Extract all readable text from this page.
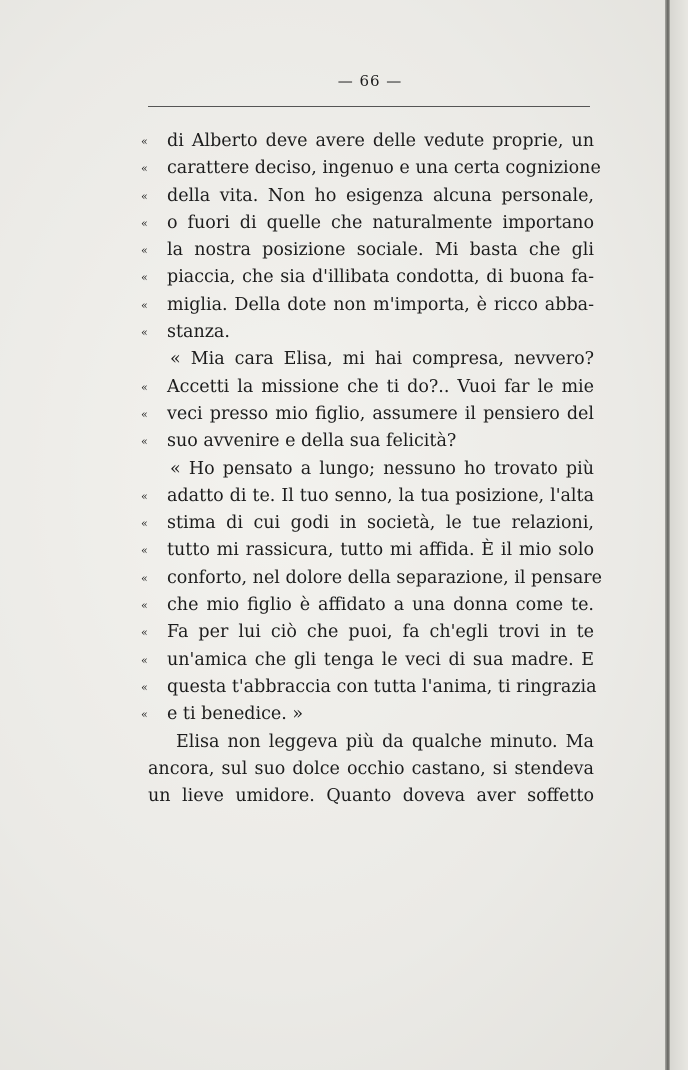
— 66 —
« di Alberto deve avere delle vedute proprie, un
« carattere deciso, ingenuo e una certa cognizione
« della vita. Non ho esigenza alcuna personale,
« o fuori di quelle che naturalmente importano
« la nostra posizione sociale. Mi basta che gli
« piaccia, che sia d'illibata condotta, di buona fa-
« miglia. Della dote non m'importa, è ricco abba-
« stanza.
« Mia cara Elisa, mi hai compresa, nevvero?
« Accetti la missione che ti do?.. Vuoi far le mie
« veci presso mio figlio, assumere il pensiero del
« suo avvenire e della sua felicità?
« Ho pensato a lungo; nessuno ho trovato più
« adatto di te. Il tuo senno, la tua posizione, l'alta
« stima di cui godi in società, le tue relazioni,
« tutto mi rassicura, tutto mi affida. È il mio solo
« conforto, nel dolore della separazione, il pensare
« che mio figlio è affidato a una donna come te.
« Fa per lui ciò che puoi, fa ch'egli trovi in te
« un'amica che gli tenga le veci di sua madre. E
« questa t'abbraccia con tutta l'anima, ti ringrazia
« e ti benedice. »
Elisa non leggeva più da qualche minuto. Ma
ancora, sul suo dolce occhio castano, si stendeva
un lieve umidore. Quanto doveva aver soffetto
